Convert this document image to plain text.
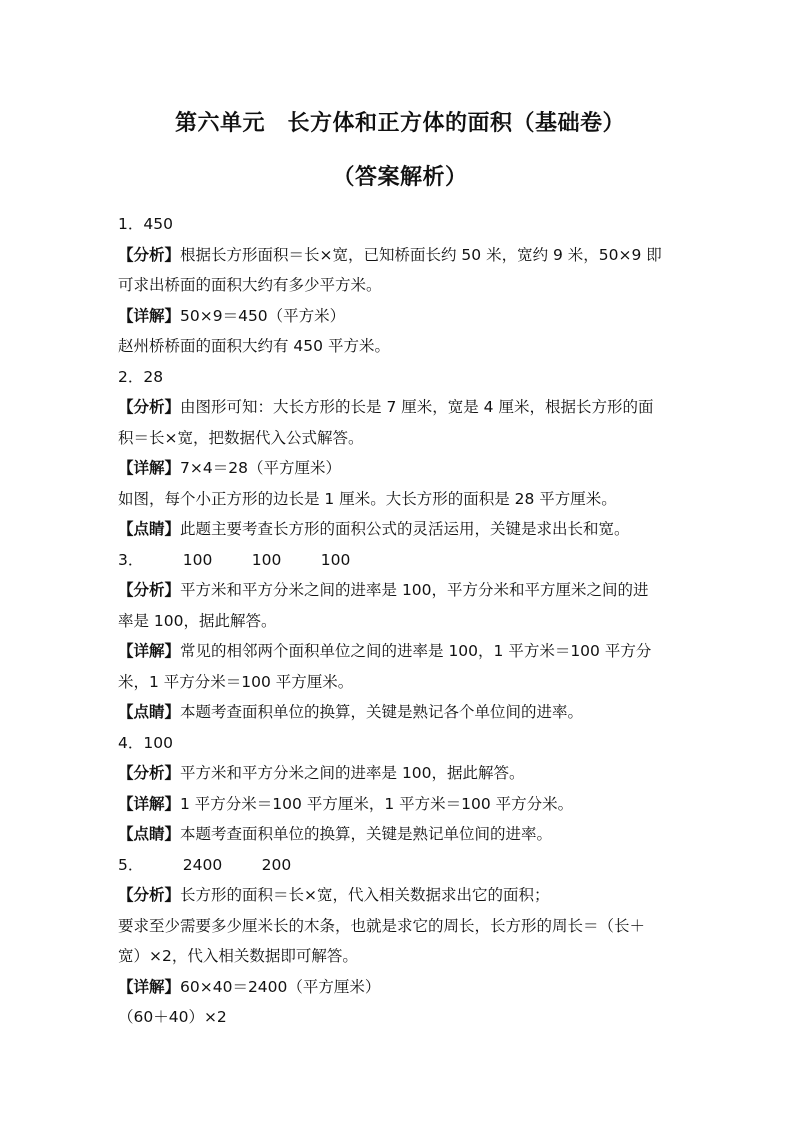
第六单元　长方体和正方体的面积（基础卷）
（答案解析）
1．450
【分析】根据长方形面积＝长×宽，已知桥面长约 50 米，宽约 9 米，50×9 即
可求出桥面的面积大约有多少平方米。
【详解】50×9＝450（平方米）
赵州桥桥面的面积大约有 450 平方米。
2．28
【分析】由图形可知：大长方形的长是 7 厘米，宽是 4 厘米，根据长方形的面
积＝长×宽，把数据代入公式解答。
【详解】7×4＝28（平方厘米）
如图，每个小正方形的边长是 1 厘米。大长方形的面积是 28 平方厘米。
【点睛】此题主要考查长方形的面积公式的灵活运用，关键是求出长和宽。
3．        100        100        100
【分析】平方米和平方分米之间的进率是 100，平方分米和平方厘米之间的进
率是 100，据此解答。
【详解】常见的相邻两个面积单位之间的进率是 100，1 平方米＝100 平方分
米，1 平方分米＝100 平方厘米。
【点睛】本题考查面积单位的换算，关键是熟记各个单位间的进率。
4．100
【分析】平方米和平方分米之间的进率是 100，据此解答。
【详解】1 平方分米＝100 平方厘米，1 平方米＝100 平方分米。
【点睛】本题考查面积单位的换算，关键是熟记单位间的进率。
5．        2400        200
【分析】长方形的面积＝长×宽，代入相关数据求出它的面积；
要求至少需要多少厘米长的木条，也就是求它的周长，长方形的周长＝（长＋
宽）×2，代入相关数据即可解答。
【详解】60×40＝2400（平方厘米）
（60＋40）×2
